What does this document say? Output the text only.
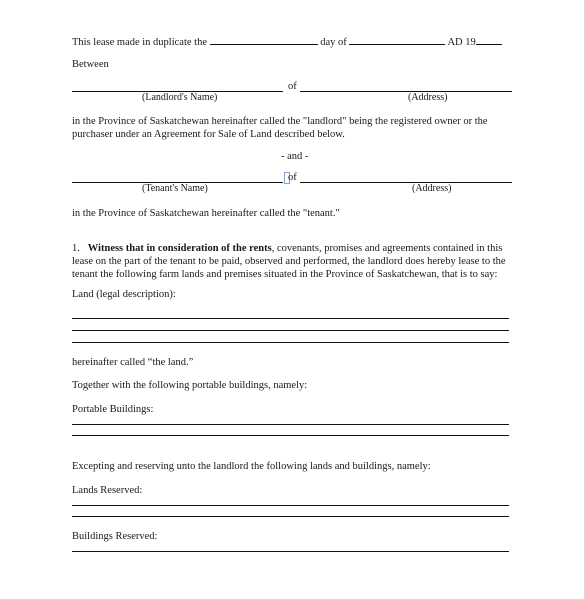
This lease made in duplicate the	day of	AD 19
Between
of
(Landlord's Name)	(Address)
in the Province of Saskatchewan hereinafter called the "landlord" being the registered owner or the purchaser under an Agreement for Sale of Land described below.
- and -
of
(Tenant's Name)	(Address)
in the Province of Saskatchewan hereinafter called the "tenant."
1. Witness that in consideration of the rents, covenants, promises and agreements contained in this lease on the part of the tenant to be paid, observed and performed, the landlord does hereby lease to the tenant the following farm lands and premises situated in the Province of Saskatchewan, that is to say:
Land (legal description):
hereinafter called “the land.”
Together with the following portable buildings, namely:
Portable Buildings:
Excepting and reserving unto the landlord the following lands and buildings, namely:
Lands Reserved:
Buildings Reserved:
